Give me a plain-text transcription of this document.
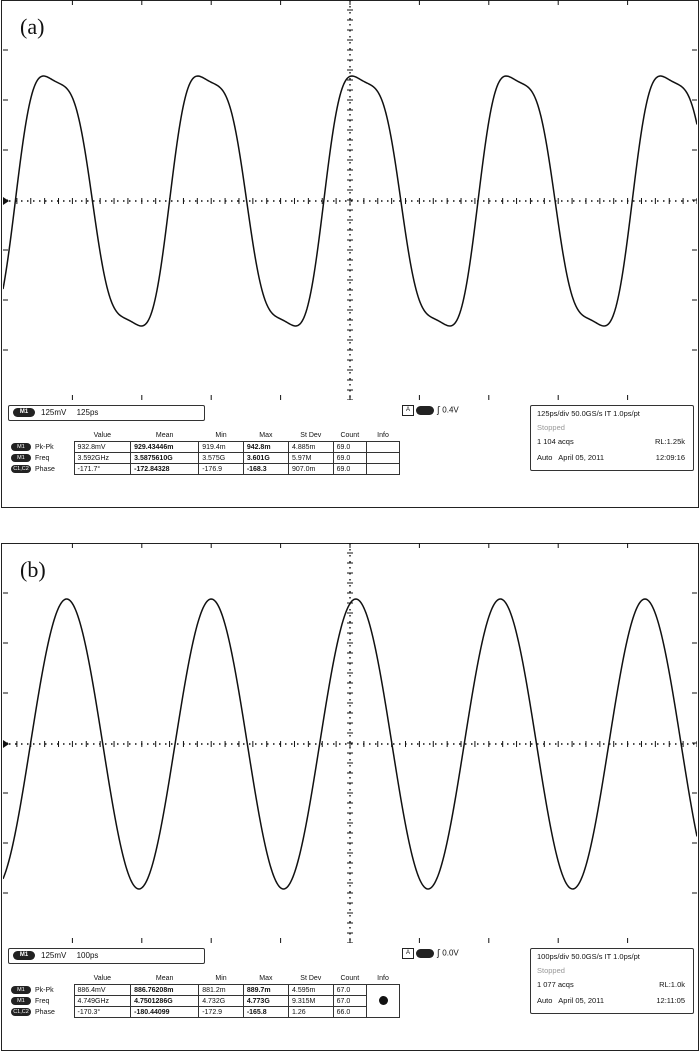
(a)
M1	125mV 125ps	A	ʃ 0.4V	125ps/div 50.0GS/s IT 1.0ps/pt
Stopped
1 104 acqs	RL:1.25k
Auto April 05, 2011	12:09:16
	Value	Mean	Min	Max	St Dev	Count	Info
M1 Pk-Pk	932.8mV	929.43446m	919.4m	942.8m	4.885m	69.0	
M1 Freq	3.592GHz	3.5875610G	3.575G	3.601G	5.97M	69.0	
C1,C2 Phase	-171.7°	-172.84328	-176.9	-168.3	907.0m	69.0	
(b)
M1	125mV 100ps	A	ʃ 0.0V	100ps/div 50.0GS/s IT 1.0ps/pt
Stopped
1 077 acqs	RL:1.0k
Auto April 05, 2011	12:11:05
	Value	Mean	Min	Max	St Dev	Count	Info
M1 Pk-Pk	886.4mV	886.76208m	881.2m	889.7m	4.595m	67.0	
M1 Freq	4.749GHz	4.7501286G	4.732G	4.773G	9.315M	67.0	
C1,C2 Phase	-170.3°	-180.44099	-172.9	-165.8	1.26	66.0	
